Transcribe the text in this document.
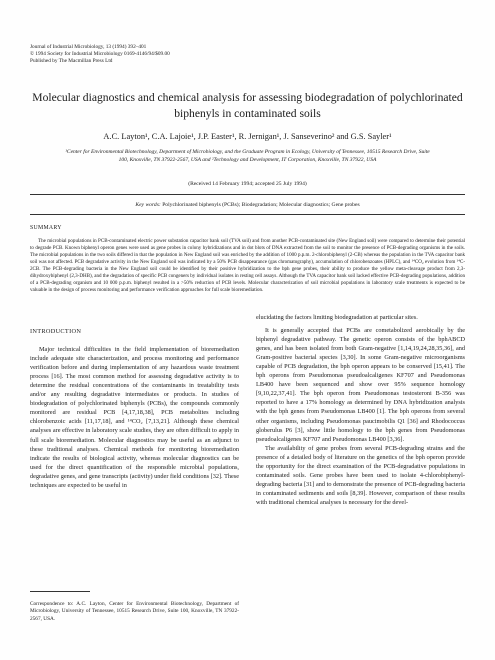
Journal of Industrial Microbiology, 13 (1994) 392–401
© 1994 Society for Industrial Microbiology 0169-4146/94/$09.00
Published by The Macmillan Press Ltd
Molecular diagnostics and chemical analysis for assessing biodegradation of polychlorinated biphenyls in contaminated soils
A.C. Layton¹, C.A. Lajoie¹, J.P. Easter¹, R. Jernigan¹, J. Sanseverino² and G.S. Sayler¹
¹Center for Environmental Biotechnology, Department of Microbiology, and the Graduate Program in Ecology, University of Tennessee, 10515 Research Drive, Suite 100, Knoxville, TN 37922-2567, USA and ²Technology and Development, IT Corporation, Knoxville, TN 37922, USA
(Received 14 February 1994; accepted 25 July 1994)
Key words: Polychlorinated biphenyls (PCBs); Biodegradation; Molecular diagnostics; Gene probes
SUMMARY
The microbial populations in PCB-contaminated electric power substation capacitor bank soil (TVA soil) and from another PCB-contaminated site (New England soil) were compared to determine their potential to degrade PCB. Known biphenyl operon genes were used as gene probes in colony hybridizations and in dot blots of DNA extracted from the soil to monitor the presence of PCB-degrading organisms in the soils. The microbial populations in the two soils differed in that the population in New England soil was enriched by the addition of 1000 p.p.m. 2-chlorobiphenyl (2-CB) whereas the population in the TVA capacitor bank soil was not affected. PCB degradative activity in the New England soil was indicated by a 50% PCB disappearance (gas chromatography), accumulation of chlorobenzoates (HPLC), and ¹⁴CO₂ evolution from ¹⁴C-2CB. The PCB-degrading bacteria in the New England soil could be identified by their positive hybridization to the bph gene probes, their ability to produce the yellow meta-cleavage product from 2,3-dihydroxybiphenyl (2,3-DHB), and the degradation of specific PCB congeners by individual isolates in resting cell assays. Although the TVA capacitor bank soil lacked effective PCB-degrading populations, addition of a PCB-degrading organism and 10 000 p.p.m. biphenyl resulted in a >50% reduction of PCB levels. Molecular characterization of soil microbial populations in laboratory scale treatments is expected to be valuable in the design of process monitoring and performance verification approaches for full scale bioremediation.
INTRODUCTION

Major technical difficulties in the field implementation of bioremediation include adequate site characterization, and process monitoring and performance verification before and during implementation of any hazardous waste treatment process [16]. The most common method for assessing degradative activity is to determine the residual concentrations of the contaminants in treatability tests and/or any resulting degradative intermediates or products. In studies of biodegradation of polychlorinated biphenyls (PCBs), the compounds commonly monitored are residual PCB [4,17,18,38], PCB metabolites including chlorobenzoic acids [11,17,18], and ¹⁴CO₂ [7,13,21]. Although these chemical analyses are effective in laboratory scale studies, they are often difficult to apply in full scale bioremediation. Molecular diagnostics may be useful as an adjunct to these traditional analyses. Chemical methods for monitoring bioremediation indicate the results of biological activity, whereas molecular diagnostics can be used for the direct quantification of the responsible microbial populations, degradative genes, and gene transcripts (activity) under field conditions [32]. These techniques are expected to be useful in

elucidating the factors limiting biodegradation at particular sites.

It is generally accepted that PCBs are cometabolized aerobically by the biphenyl degradative pathway. The genetic operon consists of the bphABCD genes, and has been isolated from both Gram-negative [1,14,19,24,28,35,36], and Gram-positive bacterial species [3,30]. In some Gram-negative microorganisms capable of PCB degradation, the bph operon appears to be conserved [15,41]. The bph operons from Pseudomonas pseudoalcaligenes KF707 and Pseudomonas LB400 have been sequenced and show over 95% sequence homology [9,10,22,37,41]. The bph operon from Pseudomonas testosteroni B-356 was reported to have a 17% homology as determined by DNA hybridization analysis with the bph genes from Pseudomonas LB400 [1]. The bph operons from several other organisms, including Pseudomonas paucimobilis Q1 [36] and Rhodococcus globerulus P6 [3], show little homology to the bph genes from Pseudomonas pseudoalcaligenes KF707 and Pseudomonas LB400 [3,36].

The availability of gene probes from several PCB-degrading strains and the presence of a detailed body of literature on the genetics of the bph operon provide the opportunity for the direct examination of the PCB-degradative populations in contaminated soils. Gene probes have been used to isolate 4-chlorobiphenyl-degrading bacteria [31] and to demonstrate the presence of PCB-degrading bacteria in contaminated sediments and soils [8,39]. However, comparison of these results with traditional chemical analyses is necessary for the devel-

Correspondence to: A.C. Layton, Center for Environmental Biotechnology, Department of Microbiology, University of Tennessee, 10515 Research Drive, Suite 100, Knoxville, TN 37922-2567, USA.
